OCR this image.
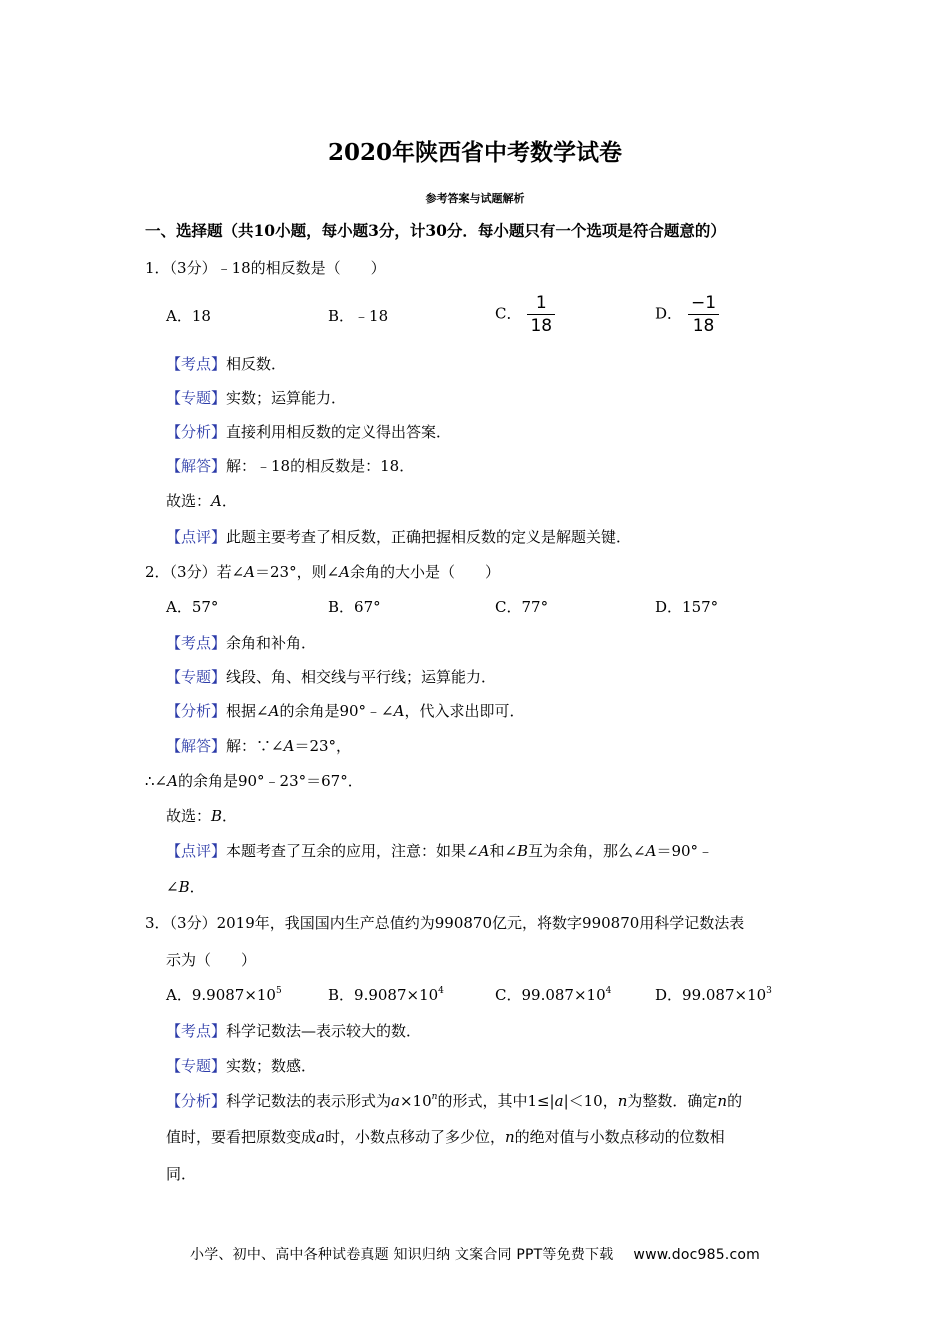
2020年陕西省中考数学试卷
参考答案与试题解析
一、选择题（共10小题，每小题3分，计30分．每小题只有一个选项是符合题意的）
1．（3分）﹣18的相反数是（　　）
A．18	B．﹣18	C． $\frac{1}{18}$	D． $\frac{-1}{18}$
【考点】相反数．
【专题】实数；运算能力．
【分析】直接利用相反数的定义得出答案．
【解答】解：﹣18的相反数是：18．
故选：A．
【点评】此题主要考查了相反数，正确把握相反数的定义是解题关键．
2．（3分）若∠A＝23°，则∠A余角的大小是（　　）
A．57°	B．67°	C．77°	D．157°
【考点】余角和补角．
【专题】线段、角、相交线与平行线；运算能力．
【分析】根据∠A的余角是90°﹣∠A，代入求出即可．
【解答】解：∵∠A＝23°，
∴∠A的余角是90°﹣23°＝67°．
故选：B．
【点评】本题考查了互余的应用，注意：如果∠A和∠B互为余角，那么∠A＝90°﹣
∠B．
3．（3分）2019年，我国国内生产总值约为990870亿元，将数字990870用科学记数法表
示为（　　）
A．$9.9087\times 10^5$	B．$9.9087\times 10^4$	C．$99.087\times 10^4$	D．$99.087\times 10^3$
【考点】科学记数法—表示较大的数．
【专题】实数；数感．
【分析】科学记数法的表示形式为$a\times 10^n$的形式，其中1≤|a|＜10，n为整数．确定n的
值时，要看把原数变成a时，小数点移动了多少位，n的绝对值与小数点移动的位数相
同．
小学、初中、高中各种试卷真题 知识归纳 文案合同 PPT等免费下载 www.doc985.com
